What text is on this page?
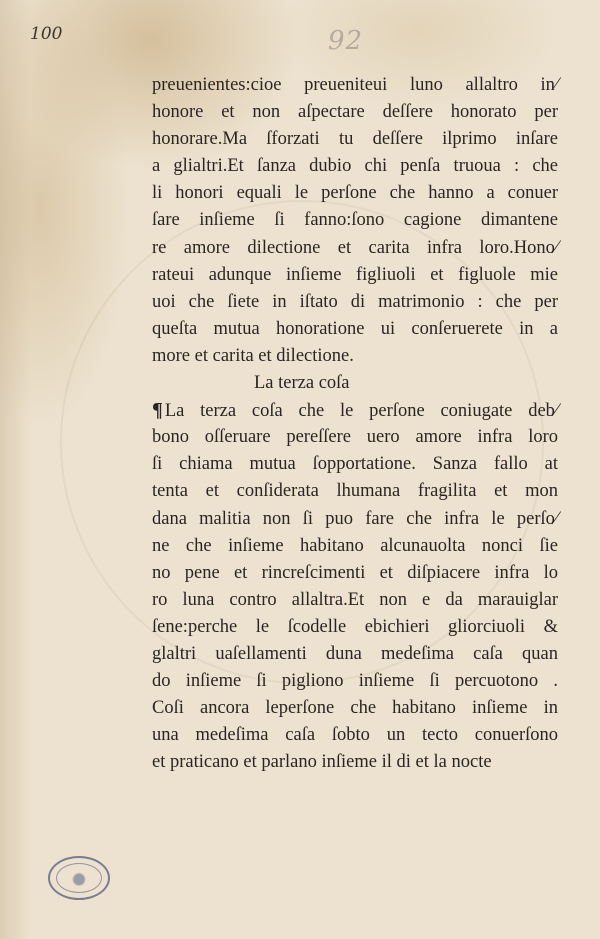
100	92
preuenientes:cioe preueniteui luno allaltro in⁄
honore et non aſpectare deſſere honorato per
honorare.Ma ſforzati tu deſſere ilprimo inſare
a glialtri.Et ſanza dubio chi penſa truoua : che
li honori equali le perſone che hanno a conuer
ſare inſieme ſi fanno:ſono cagione dimantene
re amore dilectione et carita infra loro.Hono⁄
rateui adunque inſieme figliuoli et figluole mie
uoi che ſiete in iſtato di matrimonio : che per
queſta mutua honoratione ui conſeruerete in a
more et carita et dilectione.
La terza coſa
¶ La terza coſa che le perſone coniugate deb⁄
bono oſſeruare pereſſere uero amore infra loro
ſi chiama mutua ſopportatione. Sanza fallo at
tenta et conſiderata lhumana fragilita et mon
dana malitia non ſi puo fare che infra le perſo⁄
ne che inſieme habitano alcunauolta nonci ſie
no pene et rincreſcimenti et diſpiacere infra lo
ro luna contro allaltra.Et non e da marauiglar
ſene:perche le ſcodelle ebichieri gliorciuoli &
glaltri uaſellamenti duna medeſima caſa quan
do inſieme ſi pigliono inſieme ſi percuotono .
Coſi ancora leperſone che habitano inſieme in
una medeſima caſa ſobto un tecto conuerſono
et praticano et parlano inſieme il di et la nocte
